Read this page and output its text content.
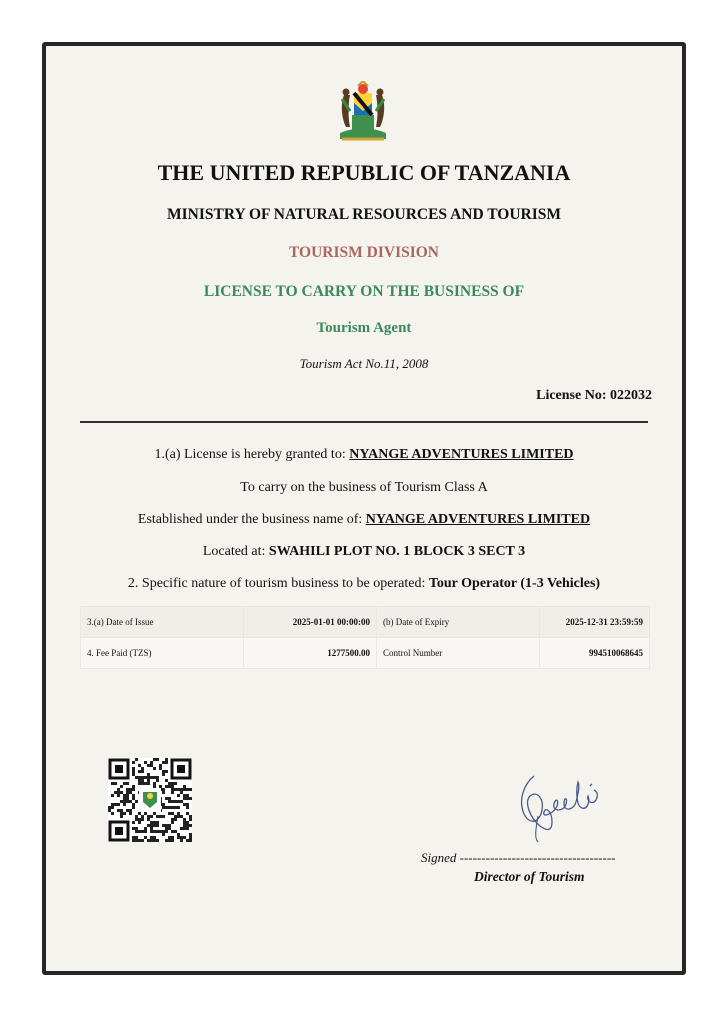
THE UNITED REPUBLIC OF TANZANIA
MINISTRY OF NATURAL RESOURCES AND TOURISM
TOURISM DIVISION
LICENSE TO CARRY ON THE BUSINESS OF
Tourism Agent
Tourism Act No.11, 2008
License No: 022032
1.(a) License is hereby granted to: NYANGE ADVENTURES LIMITED
To carry on the business of Tourism Class A
Established under the business name of: NYANGE ADVENTURES LIMITED
Located at: SWAHILI PLOT NO. 1 BLOCK 3 SECT 3
2. Specific nature of tourism business to be operated: Tour Operator (1-3 Vehicles)
3.(a) Date of Issue	2025-01-01 00:00:00	(b) Date of Expiry	2025-12-31 23:59:59
4. Fee Paid (TZS)	1277500.00	Control Number	994510068645
Signed ------------------------------------
Director of Tourism
